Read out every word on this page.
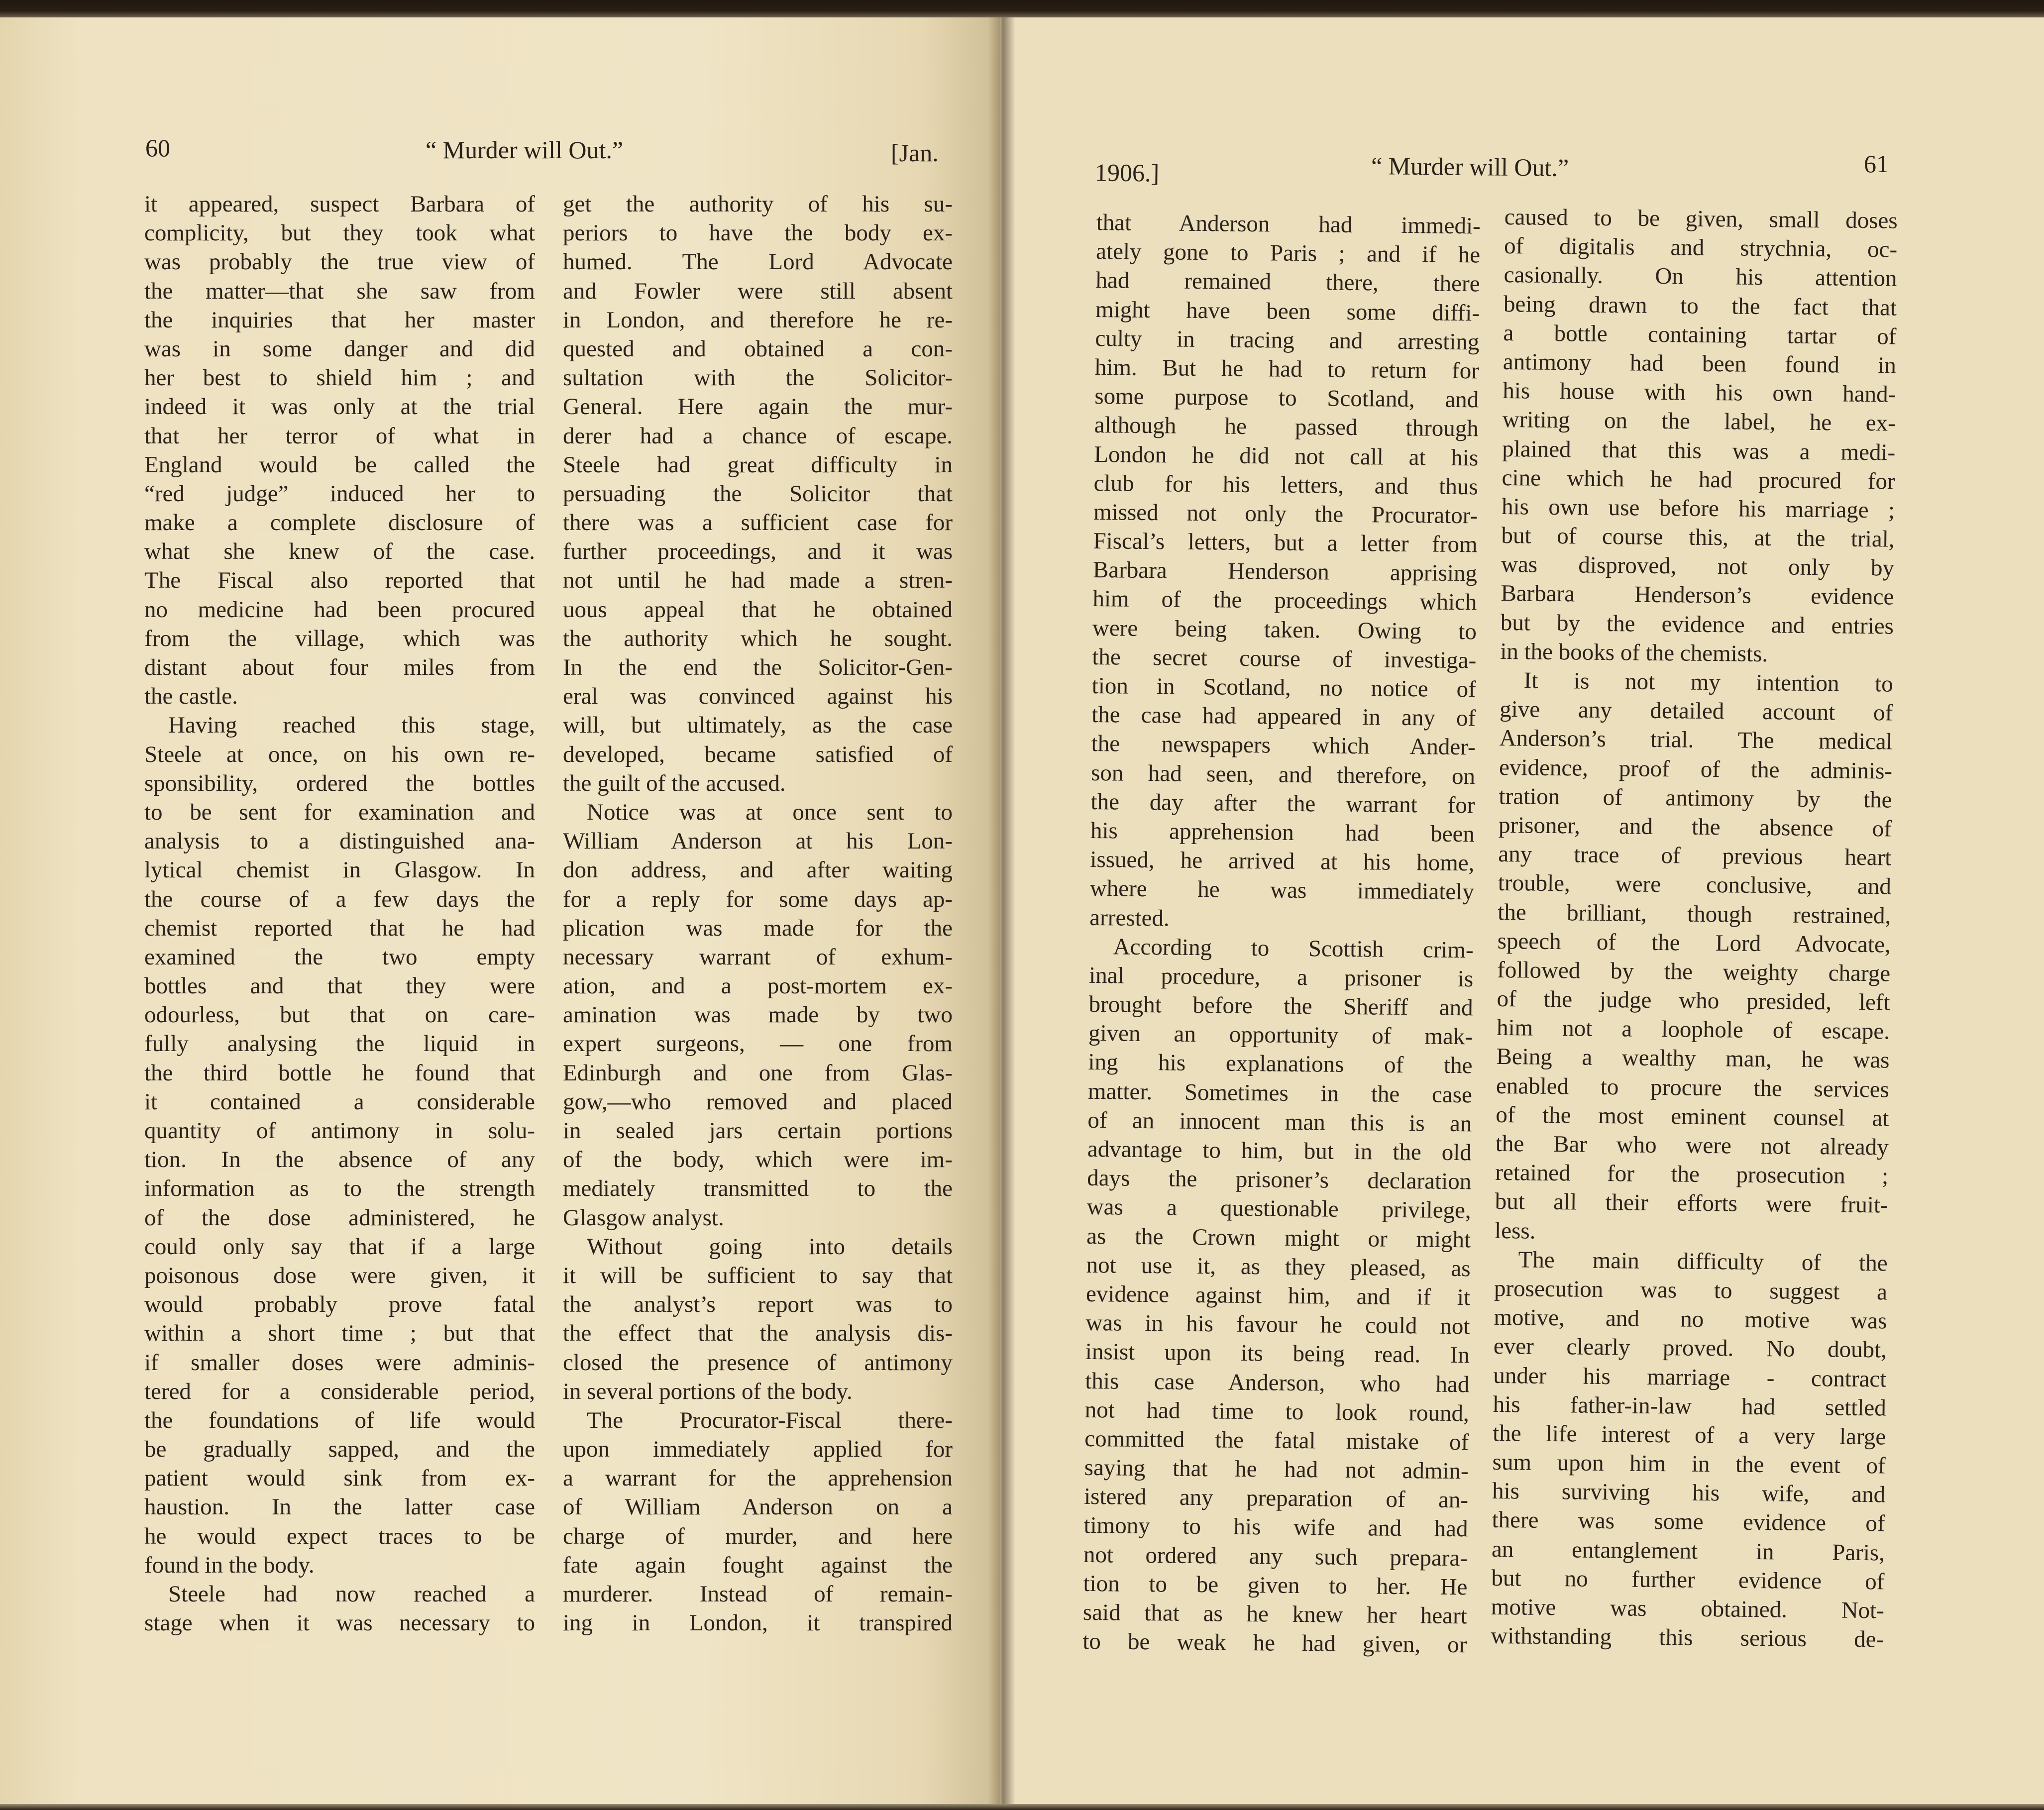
60	“ Murder will Out.”	[Jan.
1906.]	“ Murder will Out.”	61
it appeared, suspect Barbara of
complicity, but they took what
was probably the true view of
the matter—that she saw from
the inquiries that her master
was in some danger and did
her best to shield him ; and
indeed it was only at the trial
that her terror of what in
England would be called the
“red judge” induced her to
make a complete disclosure of
what she knew of the case.
The Fiscal also reported that
no medicine had been procured
from the village, which was
distant about four miles from
the castle.
Having reached this stage,
Steele at once, on his own re-
sponsibility, ordered the bottles
to be sent for examination and
analysis to a distinguished ana-
lytical chemist in Glasgow. In
the course of a few days the
chemist reported that he had
examined the two empty
bottles and that they were
odourless, but that on care-
fully analysing the liquid in
the third bottle he found that
it contained a considerable
quantity of antimony in solu-
tion. In the absence of any
information as to the strength
of the dose administered, he
could only say that if a large
poisonous dose were given, it
would probably prove fatal
within a short time ; but that
if smaller doses were adminis-
tered for a considerable period,
the foundations of life would
be gradually sapped, and the
patient would sink from ex-
haustion. In the latter case
he would expect traces to be
found in the body.
Steele had now reached a
stage when it was necessary to
get the authority of his su-
periors to have the body ex-
humed. The Lord Advocate
and Fowler were still absent
in London, and therefore he re-
quested and obtained a con-
sultation with the Solicitor-
General. Here again the mur-
derer had a chance of escape.
Steele had great difficulty in
persuading the Solicitor that
there was a sufficient case for
further proceedings, and it was
not until he had made a stren-
uous appeal that he obtained
the authority which he sought.
In the end the Solicitor-Gen-
eral was convinced against his
will, but ultimately, as the case
developed, became satisfied of
the guilt of the accused.
Notice was at once sent to
William Anderson at his Lon-
don address, and after waiting
for a reply for some days ap-
plication was made for the
necessary warrant of exhum-
ation, and a post-mortem ex-
amination was made by two
expert surgeons, — one from
Edinburgh and one from Glas-
gow,—who removed and placed
in sealed jars certain portions
of the body, which were im-
mediately transmitted to the
Glasgow analyst.
Without going into details
it will be sufficient to say that
the analyst’s report was to
the effect that the analysis dis-
closed the presence of antimony
in several portions of the body.
The Procurator-Fiscal there-
upon immediately applied for
a warrant for the apprehension
of William Anderson on a
charge of murder, and here
fate again fought against the
murderer. Instead of remain-
ing in London, it transpired
that Anderson had immedi-
ately gone to Paris ; and if he
had remained there, there
might have been some diffi-
culty in tracing and arresting
him. But he had to return for
some purpose to Scotland, and
although he passed through
London he did not call at his
club for his letters, and thus
missed not only the Procurator-
Fiscal’s letters, but a letter from
Barbara Henderson apprising
him of the proceedings which
were being taken. Owing to
the secret course of investiga-
tion in Scotland, no notice of
the case had appeared in any of
the newspapers which Ander-
son had seen, and therefore, on
the day after the warrant for
his apprehension had been
issued, he arrived at his home,
where he was immediately
arrested.
According to Scottish crim-
inal procedure, a prisoner is
brought before the Sheriff and
given an opportunity of mak-
ing his explanations of the
matter. Sometimes in the case
of an innocent man this is an
advantage to him, but in the old
days the prisoner’s declaration
was a questionable privilege,
as the Crown might or might
not use it, as they pleased, as
evidence against him, and if it
was in his favour he could not
insist upon its being read. In
this case Anderson, who had
not had time to look round,
committed the fatal mistake of
saying that he had not admin-
istered any preparation of an-
timony to his wife and had
not ordered any such prepara-
tion to be given to her. He
said that as he knew her heart
to be weak he had given, or
caused to be given, small doses
of digitalis and strychnia, oc-
casionally. On his attention
being drawn to the fact that
a bottle containing tartar of
antimony had been found in
his house with his own hand-
writing on the label, he ex-
plained that this was a medi-
cine which he had procured for
his own use before his marriage ;
but of course this, at the trial,
was disproved, not only by
Barbara Henderson’s evidence
but by the evidence and entries
in the books of the chemists.
It is not my intention to
give any detailed account of
Anderson’s trial. The medical
evidence, proof of the adminis-
tration of antimony by the
prisoner, and the absence of
any trace of previous heart
trouble, were conclusive, and
the brilliant, though restrained,
speech of the Lord Advocate,
followed by the weighty charge
of the judge who presided, left
him not a loophole of escape.
Being a wealthy man, he was
enabled to procure the services
of the most eminent counsel at
the Bar who were not already
retained for the prosecution ;
but all their efforts were fruit-
less.
The main difficulty of the
prosecution was to suggest a
motive, and no motive was
ever clearly proved. No doubt,
under his marriage - contract
his father-in-law had settled
the life interest of a very large
sum upon him in the event of
his surviving his wife, and
there was some evidence of
an entanglement in Paris,
but no further evidence of
motive was obtained. Not-
withstanding this serious de-
